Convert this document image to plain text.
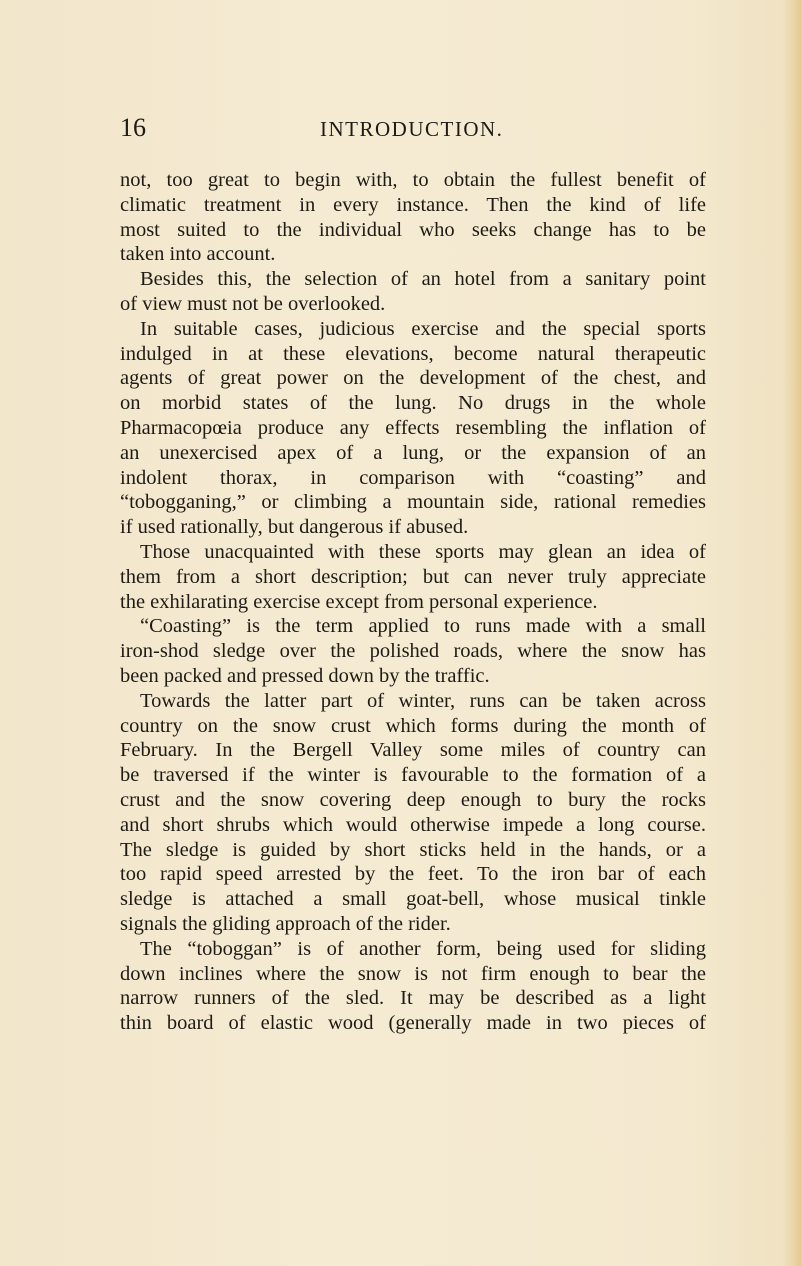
16	INTRODUCTION.
not, too great to begin with, to obtain the fullest benefit of
climatic treatment in every instance. Then the kind of life
most suited to the individual who seeks change has to be
taken into account.
Besides this, the selection of an hotel from a sanitary point
of view must not be overlooked.
In suitable cases, judicious exercise and the special sports
indulged in at these elevations, become natural therapeutic
agents of great power on the development of the chest, and
on morbid states of the lung. No drugs in the whole
Pharmacopœia produce any effects resembling the inflation of
an unexercised apex of a lung, or the expansion of an
indolent thorax, in comparison with “coasting” and
“tobogganing,” or climbing a mountain side, rational remedies
if used rationally, but dangerous if abused.
Those unacquainted with these sports may glean an idea of
them from a short description; but can never truly appreciate
the exhilarating exercise except from personal experience.
“Coasting” is the term applied to runs made with a small
iron-shod sledge over the polished roads, where the snow has
been packed and pressed down by the traffic.
Towards the latter part of winter, runs can be taken across
country on the snow crust which forms during the month of
February. In the Bergell Valley some miles of country can
be traversed if the winter is favourable to the formation of a
crust and the snow covering deep enough to bury the rocks
and short shrubs which would otherwise impede a long course.
The sledge is guided by short sticks held in the hands, or a
too rapid speed arrested by the feet. To the iron bar of each
sledge is attached a small goat-bell, whose musical tinkle
signals the gliding approach of the rider.
The “toboggan” is of another form, being used for sliding
down inclines where the snow is not firm enough to bear the
narrow runners of the sled. It may be described as a light
thin board of elastic wood (generally made in two pieces of
